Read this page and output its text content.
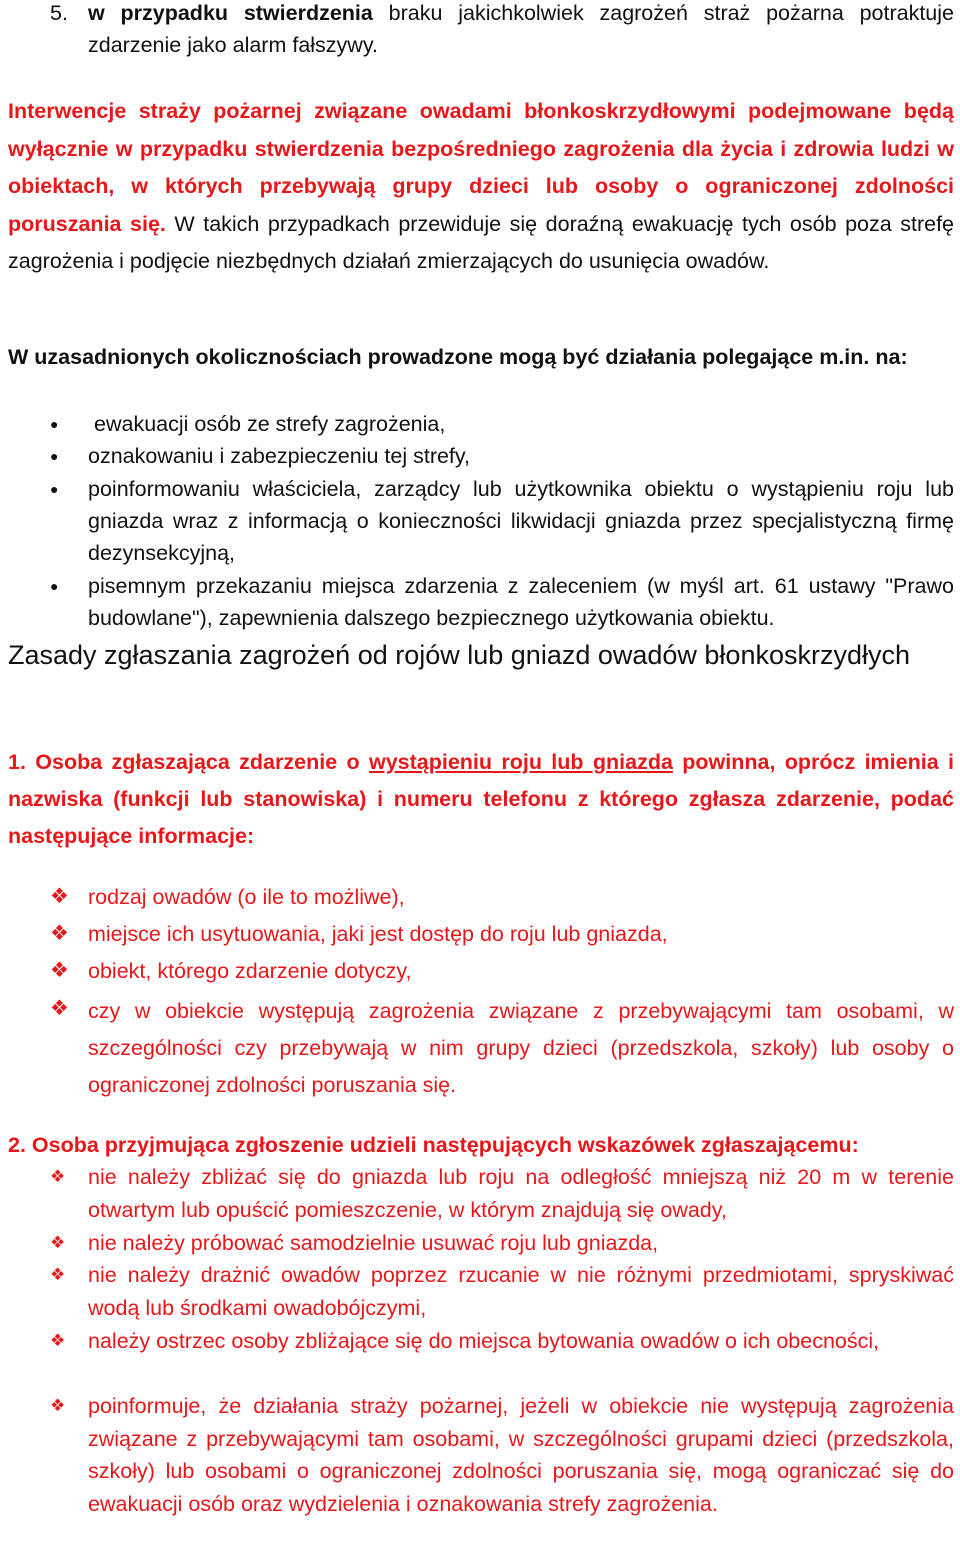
5. w przypadku stwierdzenia braku jakichkolwiek zagrożeń straż pożarna potraktuje zdarzenie jako alarm fałszywy.
Interwencje straży pożarnej związane owadami błonkoskrzydłowymi podejmowane będą wyłącznie w przypadku stwierdzenia bezpośredniego zagrożenia dla życia i zdrowia ludzi w obiektach, w których przebywają grupy dzieci lub osoby o ograniczonej zdolności poruszania się. W takich przypadkach przewiduje się doraźną ewakuację tych osób poza strefę zagrożenia i podjęcie niezbędnych działań zmierzających do usunięcia owadów.
W uzasadnionych okolicznościach prowadzone mogą być działania polegające m.in. na:
● ewakuacji osób ze strefy zagrożenia,
● oznakowaniu i zabezpieczeniu tej strefy,
● poinformowaniu właściciela, zarządcy lub użytkownika obiektu o wystąpieniu roju lub gniazda wraz z informacją o konieczności likwidacji gniazda przez specjalistyczną firmę dezynsekcyjną,
● pisemnym przekazaniu miejsca zdarzenia z zaleceniem (w myśl art. 61 ustawy "Prawo budowlane"), zapewnienia dalszego bezpiecznego użytkowania obiektu.
Zasady zgłaszania zagrożeń od rojów lub gniazd owadów błonkoskrzydłych
1. Osoba zgłaszająca zdarzenie o wystąpieniu roju lub gniazda powinna, oprócz imienia i nazwiska (funkcji lub stanowiska) i numeru telefonu z którego zgłasza zdarzenie, podać następujące informacje:
❖ rodzaj owadów (o ile to możliwe),
❖ miejsce ich usytuowania, jaki jest dostęp do roju lub gniazda,
❖ obiekt, którego zdarzenie dotyczy,
❖ czy w obiekcie występują zagrożenia związane z przebywającymi tam osobami, w szczególności czy przebywają w nim grupy dzieci (przedszkola, szkoły) lub osoby o ograniczonej zdolności poruszania się.
2. Osoba przyjmująca zgłoszenie udzieli następujących wskazówek zgłaszającemu:
❖ nie należy zbliżać się do gniazda lub roju na odległość mniejszą niż 20 m w terenie otwartym lub opuścić pomieszczenie, w którym znajdują się owady,
❖ nie należy próbować samodzielnie usuwać roju lub gniazda,
❖ nie należy drażnić owadów poprzez rzucanie w nie różnymi przedmiotami, spryskiwać wodą lub środkami owadobójczymi,
❖ należy ostrzec osoby zbliżające się do miejsca bytowania owadów o ich obecności,
❖ poinformuje, że działania straży pożarnej, jeżeli w obiekcie nie występują zagrożenia związane z przebywającymi tam osobami, w szczególności grupami dzieci (przedszkola, szkoły) lub osobami o ograniczonej zdolności poruszania się, mogą ograniczać się do ewakuacji osób oraz wydzielenia i oznakowania strefy zagrożenia.
